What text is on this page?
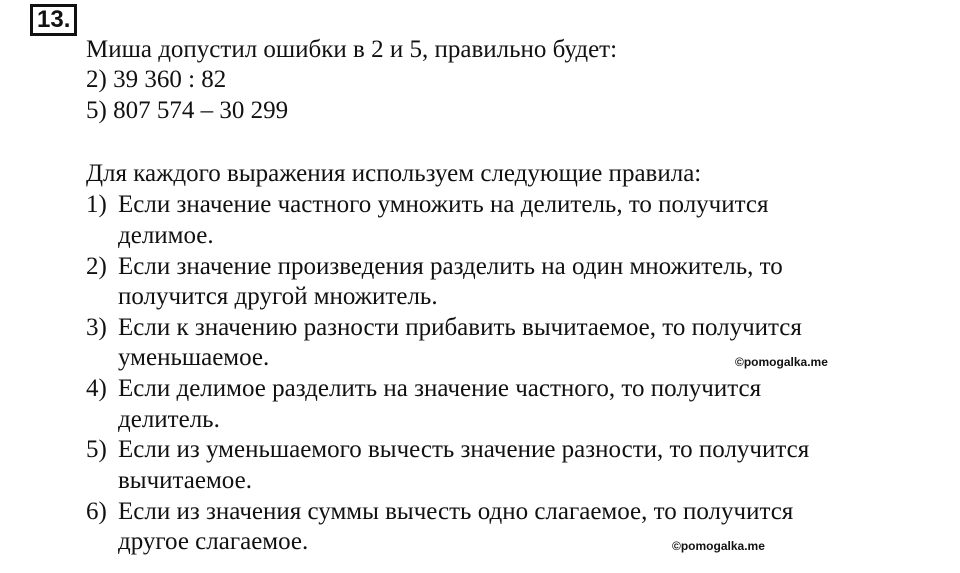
13.
Миша допустил ошибки в 2 и 5, правильно будет:
2) 39 360 : 82
5) 807 574 – 30 299
Для каждого выражения используем следующие правила:
1) Если значение частного умножить на делитель, то получится
делимое.
2) Если значение произведения разделить на один множитель, то
получится другой множитель.
3) Если к значению разности прибавить вычитаемое, то получится
уменьшаемое.
4) Если делимое разделить на значение частного, то получится
делитель.
5) Если из уменьшаемого вычесть значение разности, то получится
вычитаемое.
6) Если из значения суммы вычесть одно слагаемое, то получится
другое слагаемое.
©pomogalka.me
©pomogalka.me
